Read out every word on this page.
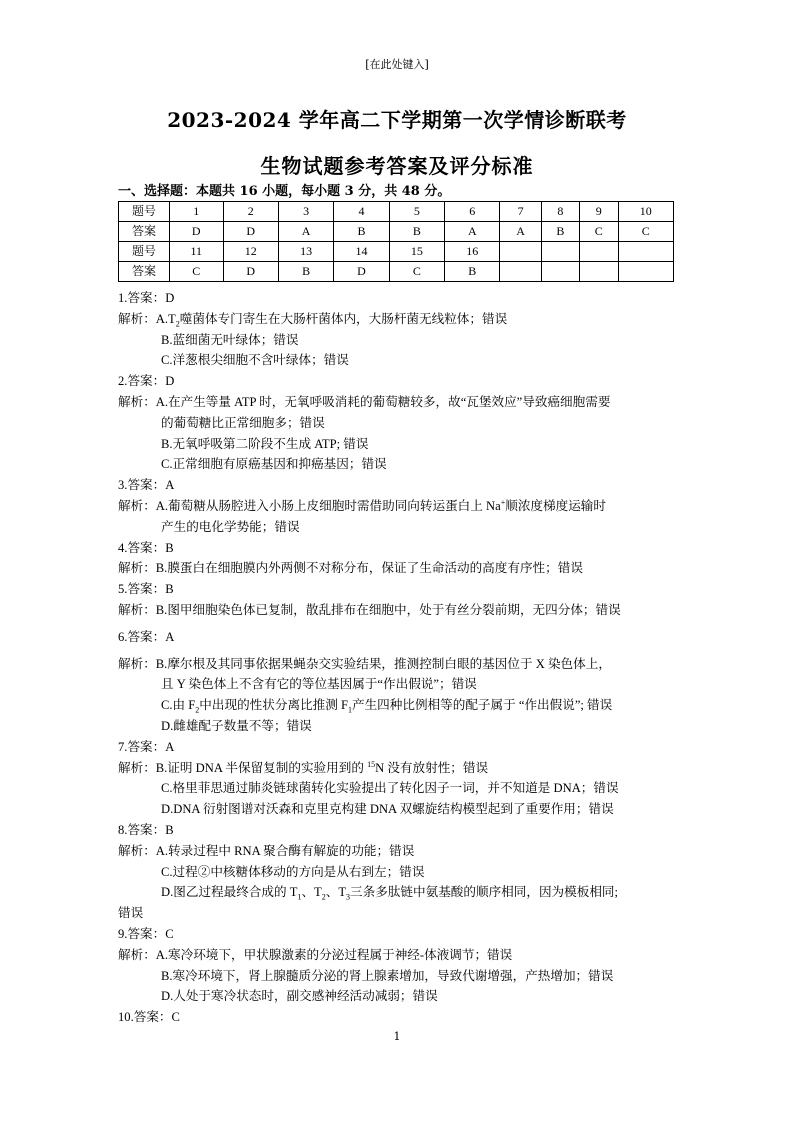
[在此处键入]
2023-2024 学年高二下学期第一次学情诊断联考
生物试题参考答案及评分标准
一、选择题：本题共 16 小题，每小题 3 分，共 48 分。
题号	1	2	3	4	5	6	7	8	9	10
答案	D	D	A	B	B	A	A	B	C	C
题号	11	12	13	14	15	16				
答案	C	D	B	D	C	B				
1.答案：D
解析：$A.T_2$噬菌体专门寄生在大肠杆菌体内，大肠杆菌无线粒体；错误
B.蓝细菌无叶绿体；错误
C.洋葱根尖细胞不含叶绿体；错误
2.答案：D
解析：A.在产生等量 ATP 时，无氧呼吸消耗的葡萄糖较多，故“瓦堡效应”导致癌细胞需要
的葡萄糖比正常细胞多；错误
B.无氧呼吸第二阶段不生成 ATP; 错误
C.正常细胞有原癌基因和抑癌基因；错误
3.答案：A
解析：A.葡萄糖从肠腔进入小肠上皮细胞时需借助同向转运蛋白上 Na+顺浓度梯度运输时
产生的电化学势能；错误
4.答案：B
解析：B.膜蛋白在细胞膜内外两侧不对称分布，保证了生命活动的高度有序性；错误
5.答案：B
解析：B.图甲细胞染色体已复制，散乱排布在细胞中，处于有丝分裂前期，无四分体；错误
6.答案：A
解析：B.摩尔根及其同事依据果蝇杂交实验结果，推测控制白眼的基因位于 X 染色体上，
且 Y 染色体上不含有它的等位基因属于“作出假说”；错误
C.由 $F_2$中出现的性状分离比推测 $F_1$产生四种比例相等的配子属于 “作出假说”; 错误
D.雌雄配子数量不等；错误
7.答案：A
解析：B.证明 DNA 半保留复制的实验用到的 $^{15}$N 没有放射性；错误
C.格里菲思通过肺炎链球菌转化实验提出了转化因子一词，并不知道是 DNA；错误
D.DNA 衍射图谱对沃森和克里克构建 DNA 双螺旋结构模型起到了重要作用；错误
8.答案：B
解析：A.转录过程中 RNA 聚合酶有解旋的功能；错误
C.过程②中核糖体移动的方向是从右到左；错误
D.图乙过程最终合成的 $T_1$、$T_2$、$T_3$三条多肽链中氨基酸的顺序相同，因为模板相同;
错误
9.答案：C
解析：A.寒冷环境下，甲状腺激素的分泌过程属于神经-体液调节；错误
B.寒冷环境下，肾上腺髓质分泌的肾上腺素增加，导致代谢增强，产热增加；错误
D.人处于寒冷状态时，副交感神经活动减弱；错误
10.答案：C
1
